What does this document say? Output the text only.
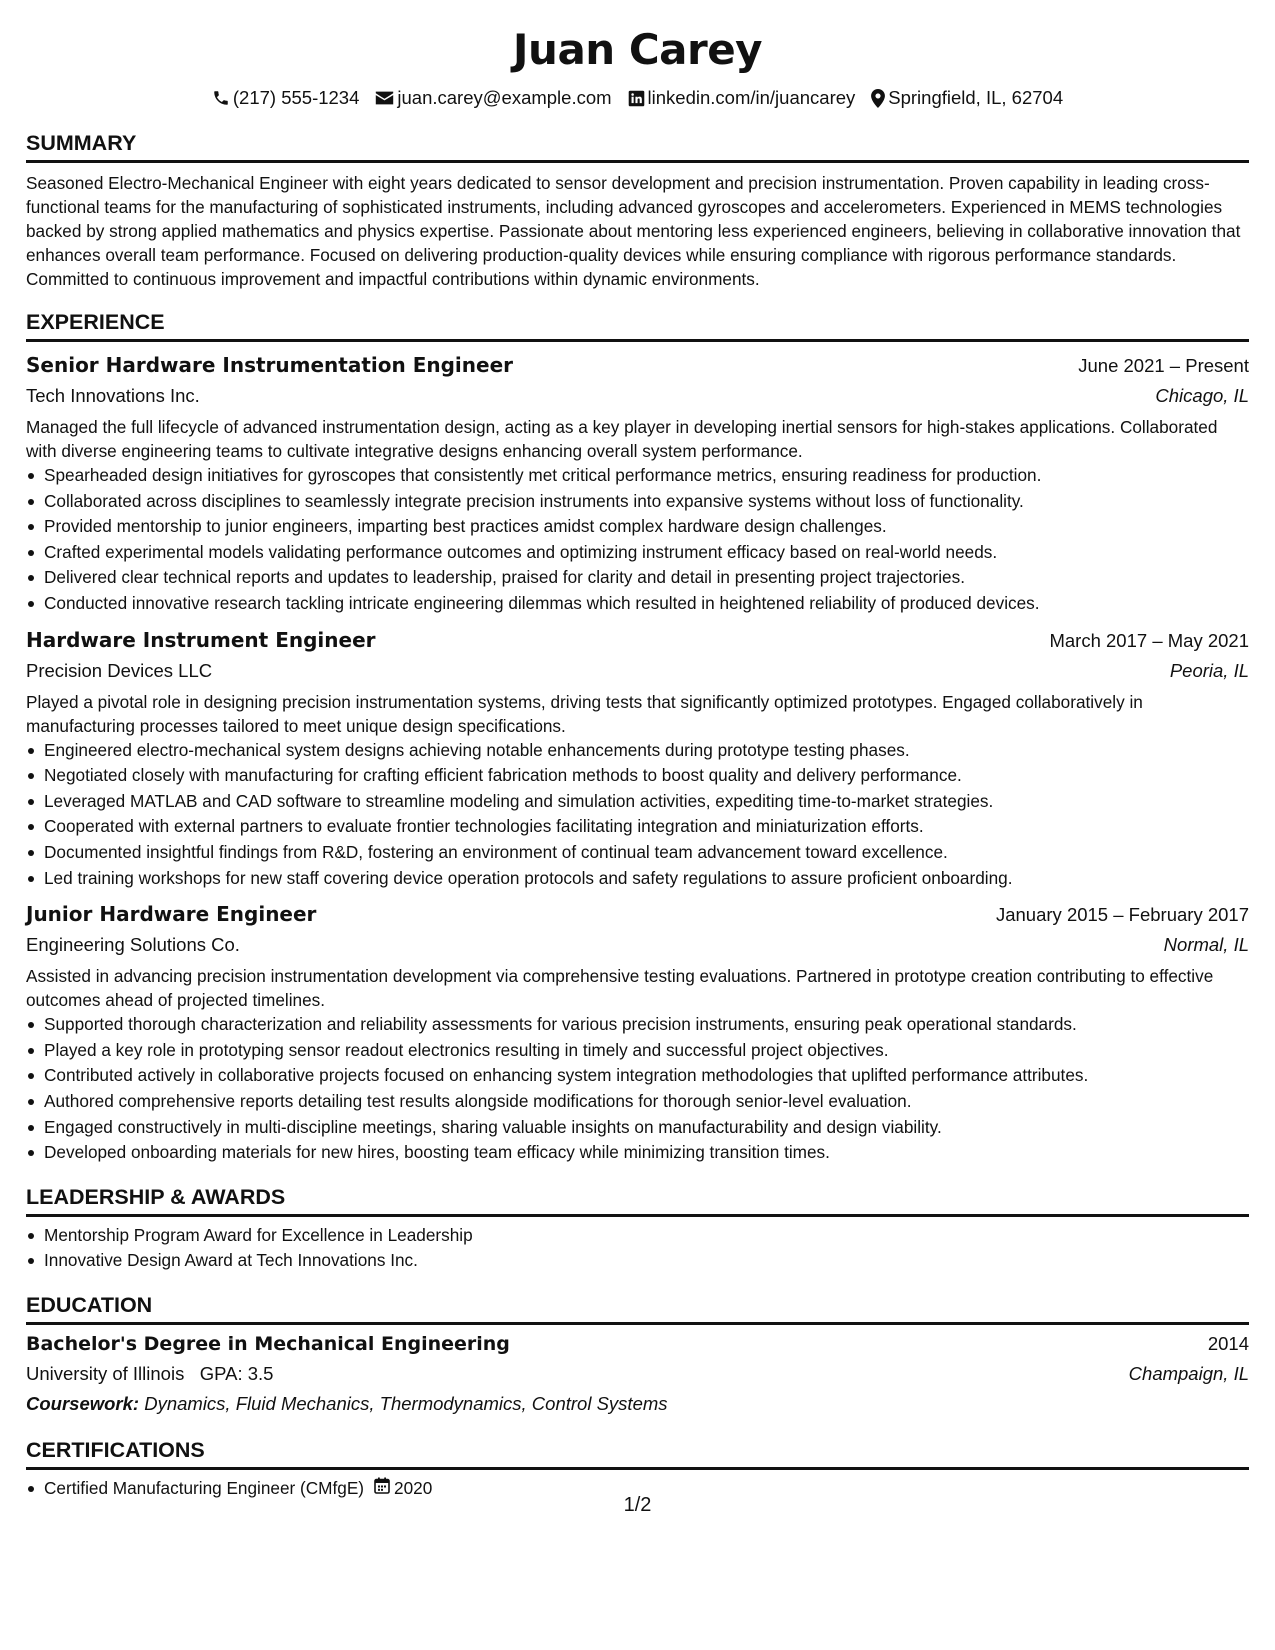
Juan Carey
(217) 555-1234 juan.carey@example.com linkedin.com/in/juancarey Springfield, IL, 62704
SUMMARY
Seasoned Electro-Mechanical Engineer with eight years dedicated to sensor development and precision instrumentation. Proven capability in leading cross-functional teams for the manufacturing of sophisticated instruments, including advanced gyroscopes and accelerometers. Experienced in MEMS technologies backed by strong applied mathematics and physics expertise. Passionate about mentoring less experienced engineers, believing in collaborative innovation that enhances overall team performance. Focused on delivering production-quality devices while ensuring compliance with rigorous performance standards. Committed to continuous improvement and impactful contributions within dynamic environments.
EXPERIENCE
Senior Hardware Instrumentation Engineer	June 2021 – Present
Tech Innovations Inc.	Chicago, IL
Managed the full lifecycle of advanced instrumentation design, acting as a key player in developing inertial sensors for high-stakes applications. Collaborated with diverse engineering teams to cultivate integrative designs enhancing overall system performance.
Spearheaded design initiatives for gyroscopes that consistently met critical performance metrics, ensuring readiness for production.
Collaborated across disciplines to seamlessly integrate precision instruments into expansive systems without loss of functionality.
Provided mentorship to junior engineers, imparting best practices amidst complex hardware design challenges.
Crafted experimental models validating performance outcomes and optimizing instrument efficacy based on real-world needs.
Delivered clear technical reports and updates to leadership, praised for clarity and detail in presenting project trajectories.
Conducted innovative research tackling intricate engineering dilemmas which resulted in heightened reliability of produced devices.
Hardware Instrument Engineer	March 2017 – May 2021
Precision Devices LLC	Peoria, IL
Played a pivotal role in designing precision instrumentation systems, driving tests that significantly optimized prototypes. Engaged collaboratively in manufacturing processes tailored to meet unique design specifications.
Engineered electro-mechanical system designs achieving notable enhancements during prototype testing phases.
Negotiated closely with manufacturing for crafting efficient fabrication methods to boost quality and delivery performance.
Leveraged MATLAB and CAD software to streamline modeling and simulation activities, expediting time-to-market strategies.
Cooperated with external partners to evaluate frontier technologies facilitating integration and miniaturization efforts.
Documented insightful findings from R&D, fostering an environment of continual team advancement toward excellence.
Led training workshops for new staff covering device operation protocols and safety regulations to assure proficient onboarding.
Junior Hardware Engineer	January 2015 – February 2017
Engineering Solutions Co.	Normal, IL
Assisted in advancing precision instrumentation development via comprehensive testing evaluations. Partnered in prototype creation contributing to effective outcomes ahead of projected timelines.
Supported thorough characterization and reliability assessments for various precision instruments, ensuring peak operational standards.
Played a key role in prototyping sensor readout electronics resulting in timely and successful project objectives.
Contributed actively in collaborative projects focused on enhancing system integration methodologies that uplifted performance attributes.
Authored comprehensive reports detailing test results alongside modifications for thorough senior-level evaluation.
Engaged constructively in multi-discipline meetings, sharing valuable insights on manufacturability and design viability.
Developed onboarding materials for new hires, boosting team efficacy while minimizing transition times.
LEADERSHIP & AWARDS
Mentorship Program Award for Excellence in Leadership
Innovative Design Award at Tech Innovations Inc.
EDUCATION
Bachelor's Degree in Mechanical Engineering	2014
University of Illinois GPA: 3.5	Champaign, IL
Coursework: Dynamics, Fluid Mechanics, Thermodynamics, Control Systems
CERTIFICATIONS
Certified Manufacturing Engineer (CMfgE) 2020
1/2
